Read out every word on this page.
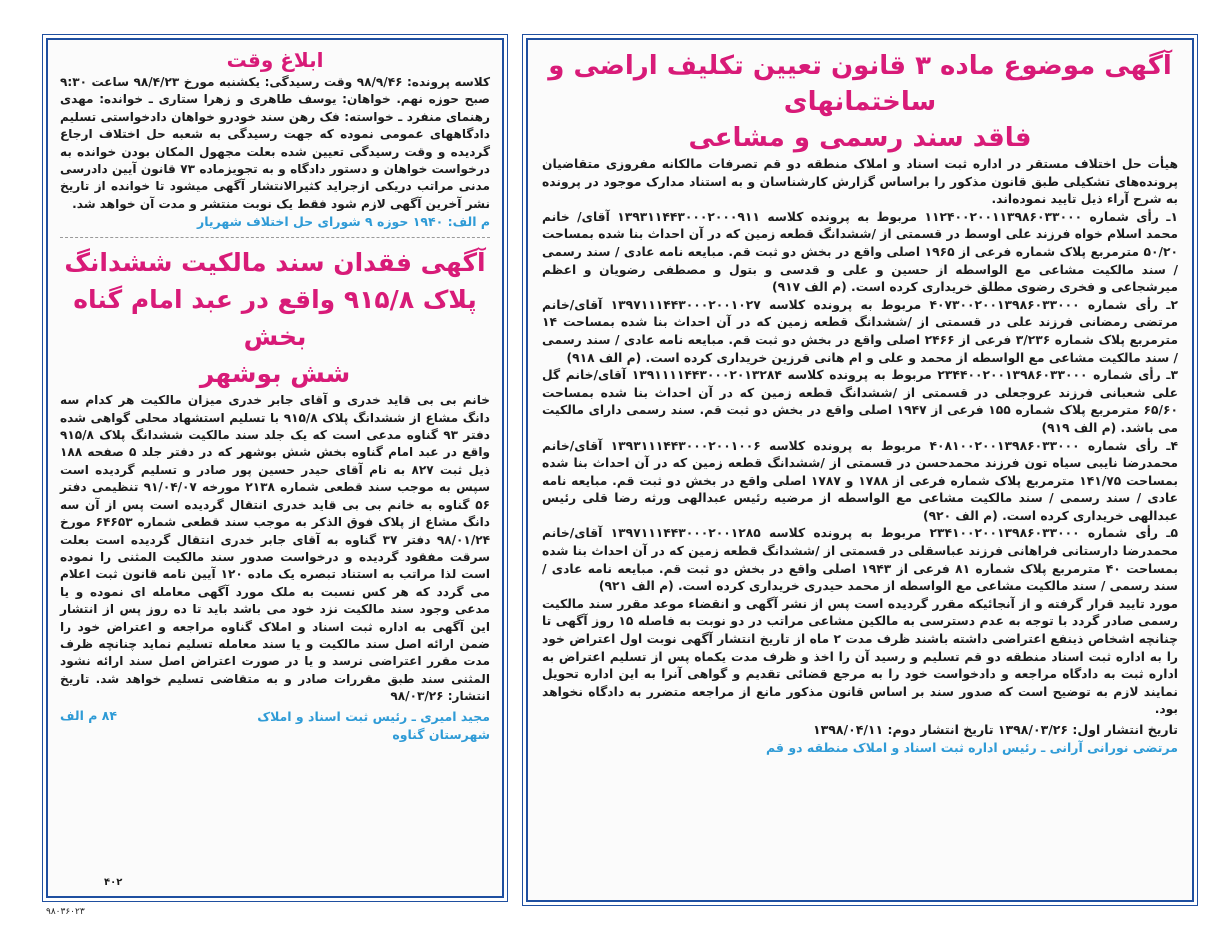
۹۸۰۳۶۰۲۳
آگهی موضوع ماده ۳ قانون تعیین تکلیف اراضی و ساختمانهای
فاقد سند رسمی و مشاعی

هیأت حل اختلاف مستقر در اداره ثبت اسناد و املاک منطقه دو قم تصرفات مالکانه مفروزی متقاضیان پرونده‌های تشکیلی طبق قانون مذکور را براساس گزارش کارشناسان و به استناد مدارک موجود در پرونده به شرح آراء ذیل تایید نموده‌اند.

۱ـ رأی شماره ۱۱۲۴‌‌‌‌‌‌‌‌‌‌‌‌‌‌‌‌‌‌‌۰۰۲۰۰۱‌۱۳۹۸۶۰۳۳۰۰۰ مربوط به پرونده کلاسه ۱۳۹۳۱۱۴۴۳۰۰۰۲۰۰۰۹۱۱ آقای/ خانم محمد اسلام خواه فرزند علی اوسط در قسمتی از /ششدانگ قطعه زمین که در آن احداث بنا شده بمساحت ۵۰/۲۰ مترمربع پلاک شماره فرعی از ۱۹۶۵ اصلی واقع در بخش دو ثبت قم. مبایعه نامه عادی / سند رسمی / سند مالکیت مشاعی مع الواسطه از حسین و علی و قدسی و بتول و مصطفی رضویان و اعظم میرشجاعی و فخری رضوی مطلق خریداری کرده است. (م الف ۹۱۷)

۲ـ رأی شماره ۴۰۷۳‌۰۰۲۰۰‌۱۳۹۸۶۰۳۳۰۰۰ مربوط به پرونده کلاسه ۱۳۹۷۱۱۱۴۴۳۰۰۰۲۰۰۱۰۲۷ آقای/خانم مرتضی رمضانی فرزند علی در قسمتی از /ششدانگ قطعه زمین که در آن احداث بنا شده بمساحت ۱۴ مترمربع پلاک شماره ۳/۲۳۶ فرعی از ۲۴۶۶ اصلی واقع در بخش دو ثبت قم. مبایعه نامه عادی / سند رسمی / سند مالکیت مشاعی مع الواسطه از محمد و علی و ام هانی قرزین خریداری کرده است. (م الف ۹۱۸)

۳ـ رأی شماره ۲۳۴۴‌۰۰۲۰۰‌۱۳۹۸۶۰۳۳۰۰۰ مربوط به پرونده کلاسه ۱۳۹۱۱۱۱۴۴۳۰۰۰۲۰۱۳۲۸۴ آقای/خانم گل علی شعبانی فرزند عروجعلی در قسمتی از /ششدانگ قطعه زمین که در آن احداث بنا شده بمساحت ۶۵/۶۰ مترمربع پلاک شماره ۱۵۵ فرعی از ۱۹۴۷ اصلی واقع در بخش دو ثبت قم. سند رسمی دارای مالکیت می باشد. (م الف ۹۱۹)

۴ـ رأی شماره ۴۰۸۱‌۰۰۲۰۰‌۱۳۹۸۶۰۳۳۰۰۰ مربوط به پرونده کلاسه ۱۳۹۳۱۱۱۴۴۳۰۰۰۲۰۰۱۰۰۶ آقای/خانم محمدرضا نایبی سیاه تون فرزند محمدحسن در قسمتی از /ششدانگ قطعه زمین که در آن احداث بنا شده بمساحت ۱۴۱/۷۵ مترمربع پلاک شماره فرعی از ۱۷۸۸ و ۱۷۸۷ اصلی واقع در بخش دو ثبت قم. مبایعه نامه عادی / سند رسمی / سند مالکیت مشاعی مع الواسطه از مرضیه رئیس عبدالهی ورثه رضا قلی رئیس عبدالهی خریداری کرده است. (م الف ۹۲۰)

۵ـ رأی شماره ۲۳۴۱‌۰۰۲۰۰‌۱۳۹۸۶۰۳۳۰۰۰ مربوط به پرونده کلاسه ۱۳۹۷۱۱۱۴۴۳۰۰۰۲۰۰۱۲۸۵ آقای/خانم محمدرضا دارستانی فراهانی فرزند عباسقلی در قسمتی از /ششدانگ قطعه زمین که در آن احداث بنا شده بمساحت ۴۰ مترمربع پلاک شماره ۸۱ فرعی از ۱۹۴۳ اصلی واقع در بخش دو ثبت قم. مبایعه نامه عادی / سند رسمی / سند مالکیت مشاعی مع الواسطه از محمد حیدری خریداری کرده است. (م الف ۹۲۱)

مورد تایید قرار گرفته و از آنجائیکه مقرر گردیده است پس از نشر آگهی و انقضاء موعد مقرر سند مالکیت رسمی صادر گردد با توجه به عدم دسترسی به مالکین مشاعی مراتب در دو نوبت به فاصله ۱۵ روز آگهی تا چنانچه اشخاص ذینفع اعتراضی داشته باشند ظرف مدت ۲ ماه از تاریخ انتشار آگهی نوبت اول اعتراض خود را به اداره ثبت اسناد منطقه دو قم تسلیم و رسید آن را اخذ و ظرف مدت یکماه پس از تسلیم اعتراض به اداره ثبت به دادگاه مراجعه و دادخواست خود را به مرجع قضائی تقدیم و گواهی آنرا به این اداره تحویل نمایند لازم به توضیح است که صدور سند بر اساس قانون مذکور مانع از مراجعه متضرر به دادگاه نخواهد بود.

تاریخ انتشار اول: ۱۳۹۸/۰۳/۲۶ تاریخ انتشار دوم: ۱۳۹۸/۰۴/۱۱

مرتضی نورانی آرانی ـ رئیس اداره ثبت اسناد و املاک منطقه دو قم

ابلاغ وقت

کلاسه پرونده: ۹۸/۹/۴۶ وقت رسیدگی: یکشنبه مورخ ۹۸/۴/۲۳ ساعت ۹:۳۰ صبح حوزه نهم. خواهان: یوسف طاهری و زهرا ستاری ـ خوانده: مهدی رهنمای منفرد ـ خواسته: فک رهن سند خودرو خواهان دادخواستی تسلیم دادگاههای عمومی نموده که جهت رسیدگی به شعبه حل اختلاف ارجاع گردیده و وقت رسیدگی تعیین شده بعلت مجهول المکان بودن خوانده به درخواست خواهان و دستور دادگاه و به تجویزماده ۷۳ قانون آیین دادرسی مدنی مراتب دریکی ازجراید کثیرالانتشار آگهی میشود تا خوانده از تاریخ نشر آخرین آگهی لازم شود فقط یک نوبت منتشر و مدت آن خواهد شد.

م الف: ۱۹۴۰ حوزه ۹ شورای حل اختلاف شهریار

آگهی فقدان سند مالکیت ششدانگ
پلاک ۹۱۵/۸ واقع در عبد امام گناه بخش
شش بوشهر

خانم بی بی قاید خدری و آقای جابر خدری میزان مالکیت هر کدام سه دانگ مشاع از ششدانگ پلاک ۹۱۵/۸ با تسلیم استشهاد محلی گواهی شده دفتر ۹۳ گناوه مدعی است که یک جلد سند مالکیت ششدانگ پلاک ۹۱۵/۸ واقع در عبد امام گناوه بخش شش بوشهر که در دفتر جلد ۵ صفحه ۱۸۸ ذیل ثبت ۸۲۷ به نام آقای حیدر حسین پور صادر و تسلیم گردیده است سپس به موجب سند قطعی شماره ۲۱۳۸ مورخه ۹۱/۰۴/۰۷ تنظیمی دفتر ۵۶ گناوه به خانم بی بی قاید خدری انتقال گردیده است پس از آن سه دانگ مشاع از پلاک فوق الذکر به موجب سند قطعی شماره ۶۴۶۵۳ مورخ ۹۸/۰۱/۲۴ دفتر ۳۷ گناوه به آقای جابر خدری انتقال گردیده است بعلت سرقت مفقود گردیده و درخواست صدور سند مالکیت المثنی را نموده است لذا مراتب به استناد تبصره یک ماده ۱۲۰ آیین نامه قانون ثبت اعلام می گردد که هر کس نسبت به ملک مورد آگهی معامله ای نموده و یا مدعی وجود سند مالکیت نزد خود می باشد باید تا ده روز پس از انتشار این آگهی به اداره ثبت اسناد و املاک گناوه مراجعه و اعتراض خود را ضمن ارائه اصل سند مالکیت و یا سند معامله تسلیم نماید چنانچه ظرف مدت مقرر اعتراضی نرسد و یا در صورت اعتراض اصل سند ارائه نشود المثنی سند طبق مقررات صادر و به متقاضی تسلیم خواهد شد. تاریخ انتشار: ۹۸/۰۳/۲۶

مجید امیری ـ رئیس ثبت اسناد و املاک

شهرستان گناوه

۸۴ م الف
۴۰۲
